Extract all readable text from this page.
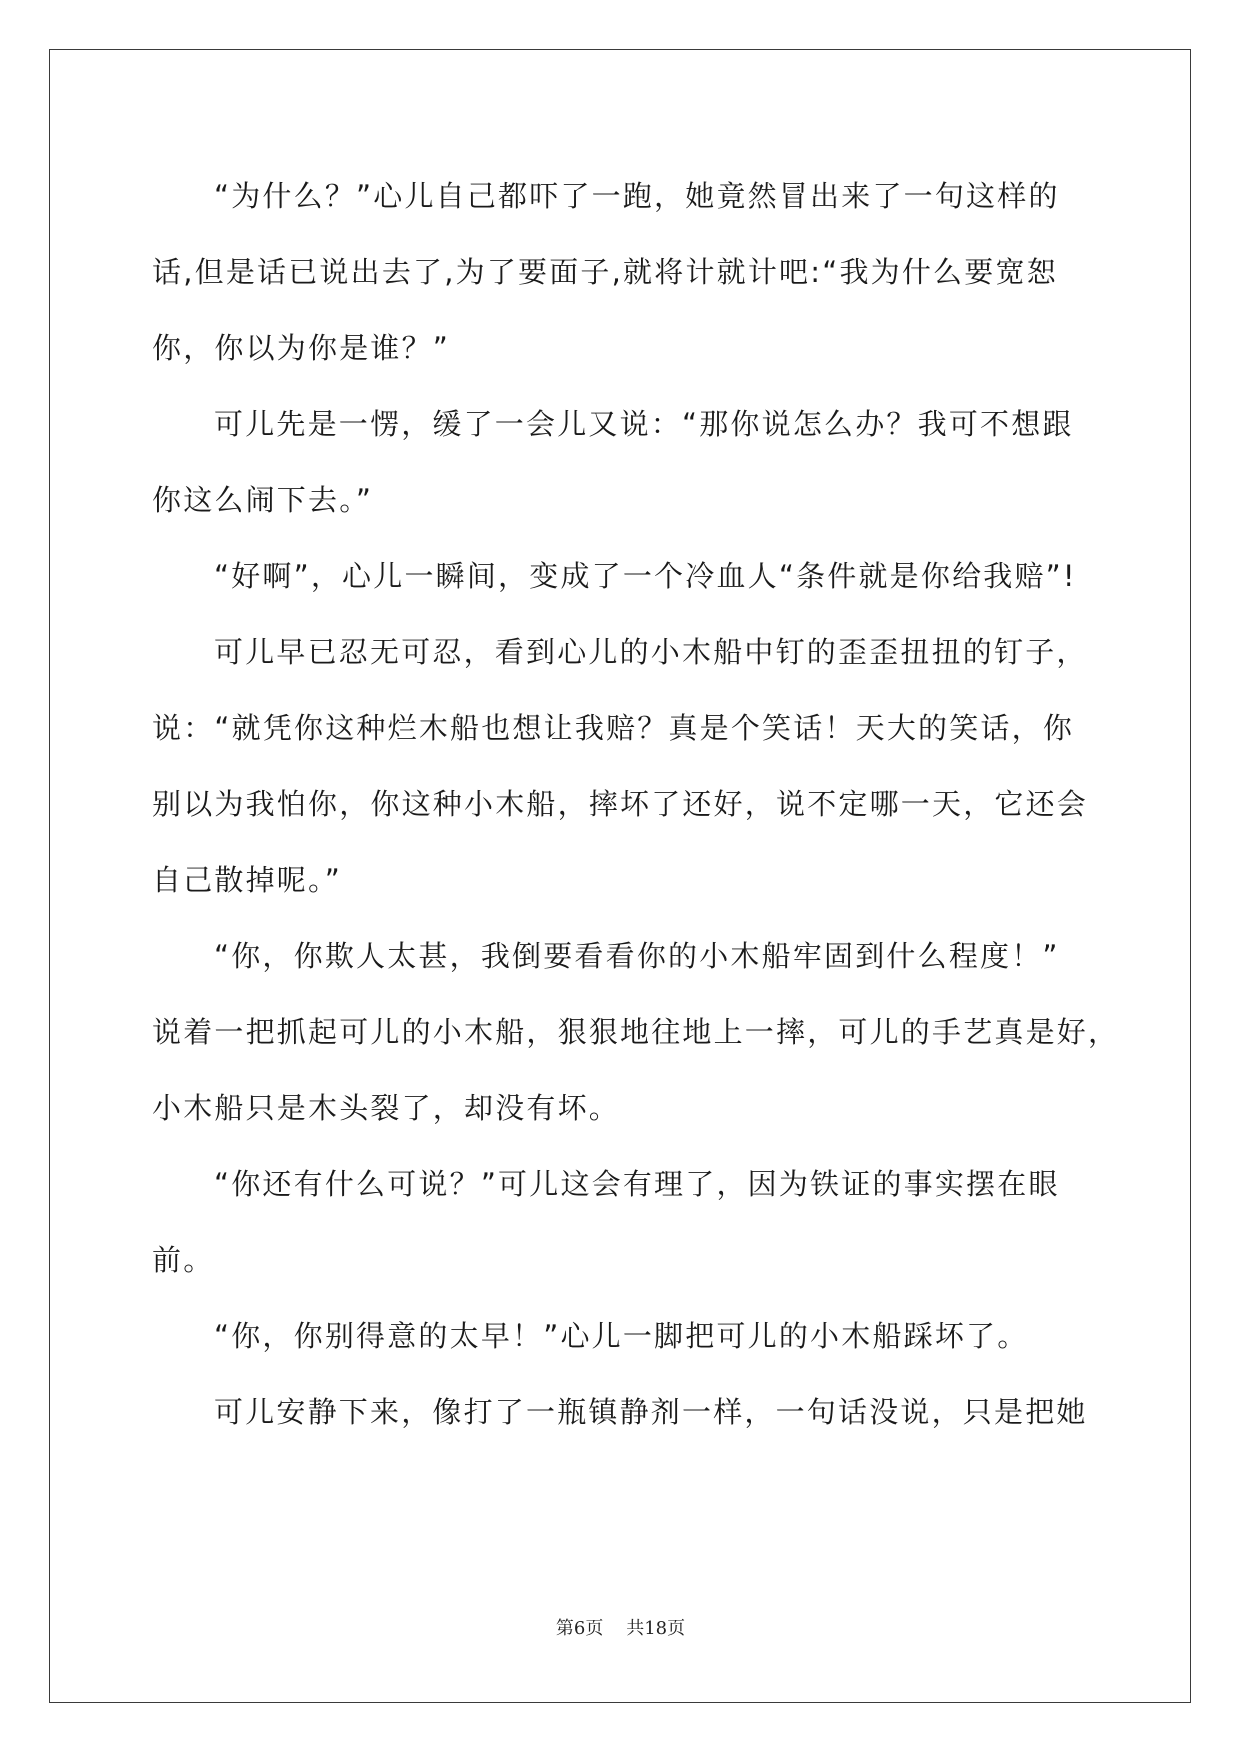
“为什么？”心儿自己都吓了一跑，她竟然冒出来了一句这样的
话,但是话已说出去了,为了要面子,就将计就计吧:“我为什么要宽恕
你，你以为你是谁？”
可儿先是一愣，缓了一会儿又说：“那你说怎么办？我可不想跟
你这么闹下去。”
“好啊”，心儿一瞬间，变成了一个冷血人“条件就是你给我赔”!
可儿早已忍无可忍，看到心儿的小木船中钉的歪歪扭扭的钉子，
说：“就凭你这种烂木船也想让我赔？真是个笑话！天大的笑话，你
别以为我怕你，你这种小木船，摔坏了还好，说不定哪一天，它还会
自己散掉呢。”
“你，你欺人太甚，我倒要看看你的小木船牢固到什么程度！”
说着一把抓起可儿的小木船，狠狠地往地上一摔，可儿的手艺真是好，
小木船只是木头裂了，却没有坏。
“你还有什么可说？”可儿这会有理了，因为铁证的事实摆在眼
前。
“你，你别得意的太早！”心儿一脚把可儿的小木船踩坏了。
可儿安静下来，像打了一瓶镇静剂一样，一句话没说，只是把她
第6页    共18页
